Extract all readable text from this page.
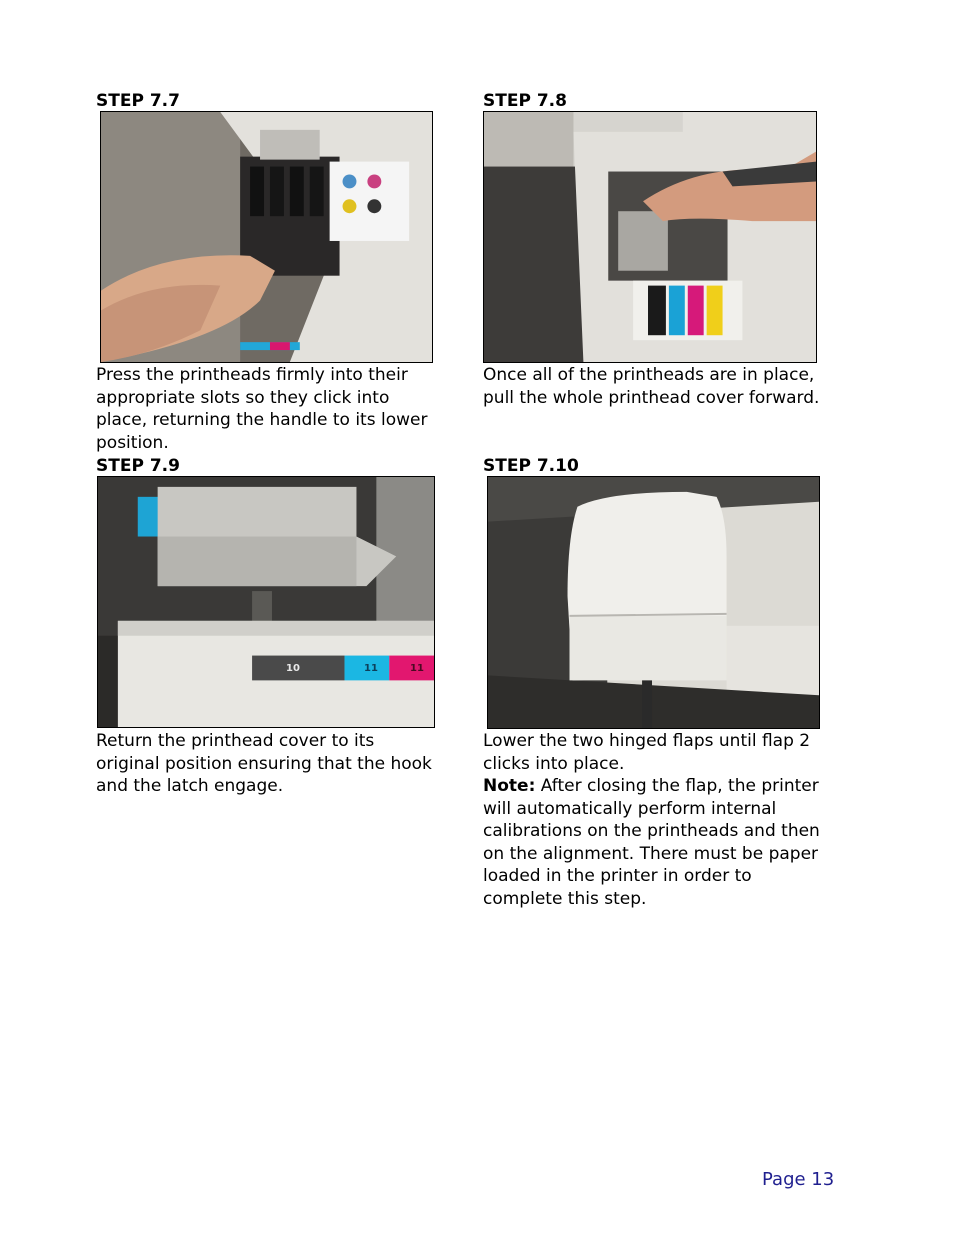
STEP 7.7
Press the printheads firmly into their appropriate slots so they click into place, returning the handle to its lower position.
STEP 7.8
Once all of the printheads are in place, pull the whole printhead cover forward.
STEP 7.9
10	11	11
Return the printhead cover to its original position ensuring that the hook and the latch engage.
STEP 7.10
Lower the two hinged flaps until flap 2 clicks into place.
Note: After closing the flap, the printer will automatically perform internal calibrations on the printheads and then on the alignment. There must be paper loaded in the printer in order to complete this step.
Page 13
